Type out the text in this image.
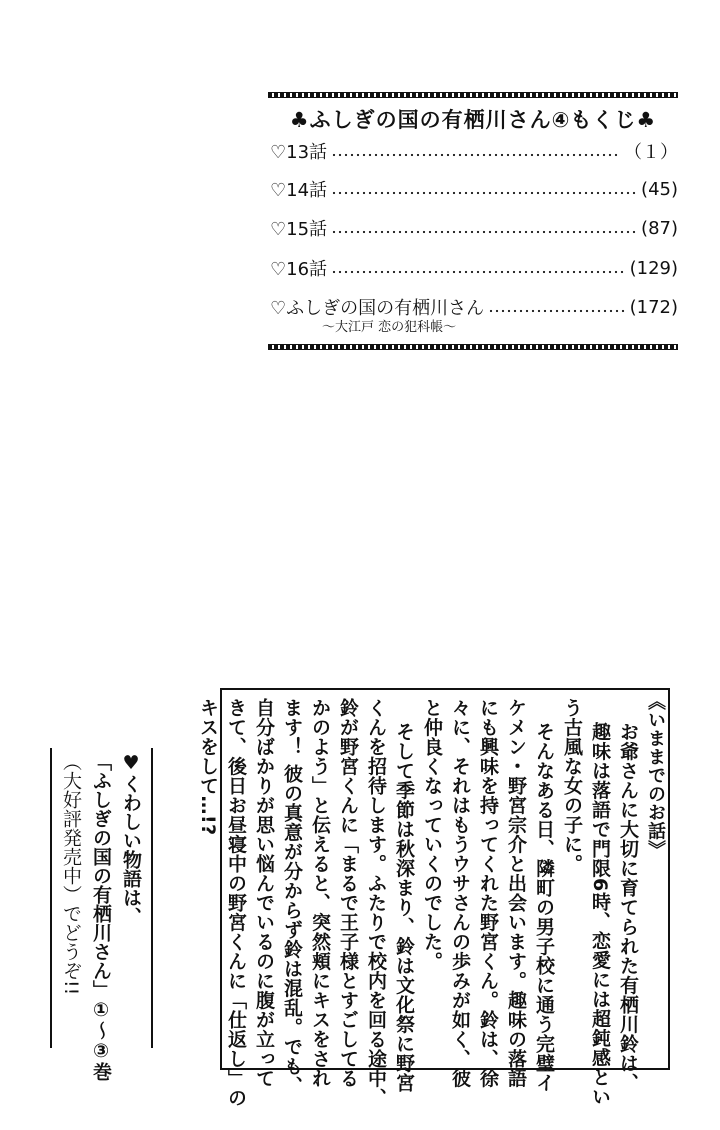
♣ふしぎの国の有栖川さん④もくじ♣
♡13話	（１）
♡14話	(45)
♡15話	(87)
♡16話	(129)
♡ふしぎの国の有栖川さん	(172)
〜大江戸 恋の犯科帳〜
《いままでのお話》
お爺さんに大切に育てられた有栖川鈴は、
趣味は落語で門限6時、恋愛には超鈍感とい
う古風な女の子に。
そんなある日、隣町の男子校に通う完璧イ
ケメン・野宮宗介と出会います。趣味の落語
にも興味を持ってくれた野宮くん。鈴は、徐
々に、それはもうウサさんの歩みが如く、彼
と仲良くなっていくのでした。
そして季節は秋深まり、鈴は文化祭に野宮
くんを招待します。ふたりで校内を回る途中、
鈴が野宮くんに「まるで王子様とすごしてる
かのよう」と伝えると、突然頬にキスをされ
ます！ 彼の真意が分からず鈴は混乱。でも、
自分ばかりが思い悩んでいるのに腹が立って
きて、後日お昼寝中の野宮くんに「仕返し」の
キスをして…!?
♥くわしい物語は、
「ふしぎの国の有栖川さん」①〜③巻
（大好評発売中）でどうぞ!!
